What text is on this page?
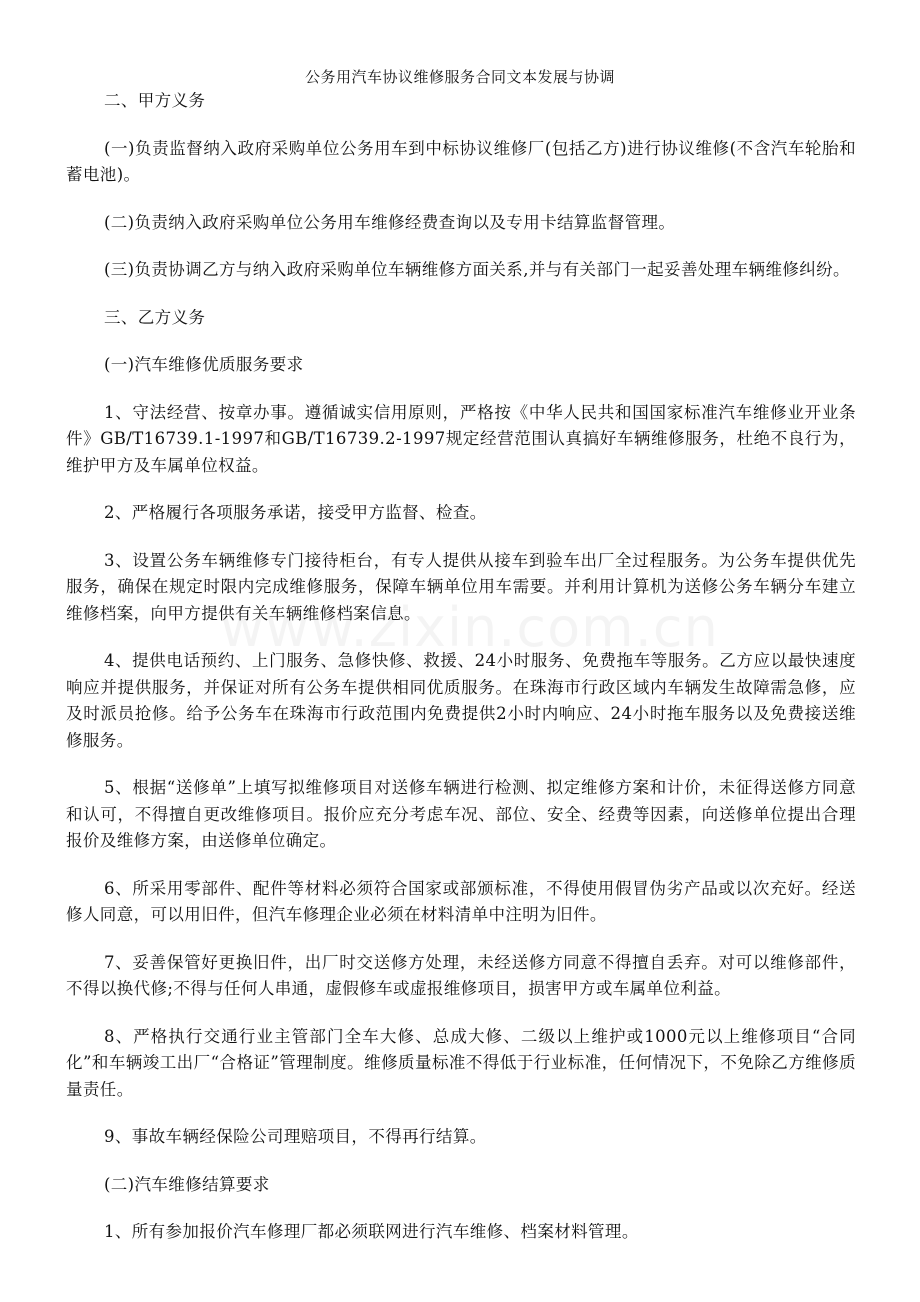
公务用汽车协议维修服务合同文本发展与协调

二、甲方义务

(一)负责监督纳入政府采购单位公务用车到中标协议维修厂(包括乙方)进行协议维修(不含汽车轮胎和蓄电池)。

(二)负责纳入政府采购单位公务用车维修经费查询以及专用卡结算监督管理。

(三)负责协调乙方与纳入政府采购单位车辆维修方面关系,并与有关部门一起妥善处理车辆维修纠纷。

三、乙方义务

(一)汽车维修优质服务要求

1、守法经营、按章办事。遵循诚实信用原则，严格按《中华人民共和国国家标准汽车维修业开业条件》GB/T16739.1-1997和GB/T16739.2-1997规定经营范围认真搞好车辆维修服务，杜绝不良行为，维护甲方及车属单位权益。

2、严格履行各项服务承诺，接受甲方监督、检查。

3、设置公务车辆维修专门接待柜台，有专人提供从接车到验车出厂全过程服务。为公务车提供优先服务，确保在规定时限内完成维修服务，保障车辆单位用车需要。并利用计算机为送修公务车辆分车建立维修档案，向甲方提供有关车辆维修档案信息。

4、提供电话预约、上门服务、急修快修、救援、24小时服务、免费拖车等服务。乙方应以最快速度响应并提供服务，并保证对所有公务车提供相同优质服务。在珠海市行政区域内车辆发生故障需急修，应及时派员抢修。给予公务车在珠海市行政范围内免费提供2小时内响应、24小时拖车服务以及免费接送维修服务。

5、根据“送修单”上填写拟维修项目对送修车辆进行检测、拟定维修方案和计价，未征得送修方同意和认可，不得擅自更改维修项目。报价应充分考虑车况、部位、安全、经费等因素，向送修单位提出合理报价及维修方案，由送修单位确定。

6、所采用零部件、配件等材料必须符合国家或部颁标准，不得使用假冒伪劣产品或以次充好。经送修人同意，可以用旧件，但汽车修理企业必须在材料清单中注明为旧件。

7、妥善保管好更换旧件，出厂时交送修方处理，未经送修方同意不得擅自丢弃。对可以维修部件，不得以换代修;不得与任何人串通，虚假修车或虚报维修项目，损害甲方或车属单位利益。

8、严格执行交通行业主管部门全车大修、总成大修、二级以上维护或1000元以上维修项目“合同化”和车辆竣工出厂“合格证”管理制度。维修质量标准不得低于行业标准，任何情况下，不免除乙方维修质量责任。

9、事故车辆经保险公司理赔项目，不得再行结算。

(二)汽车维修结算要求

1、所有参加报价汽车修理厂都必须联网进行汽车维修、档案材料管理。
